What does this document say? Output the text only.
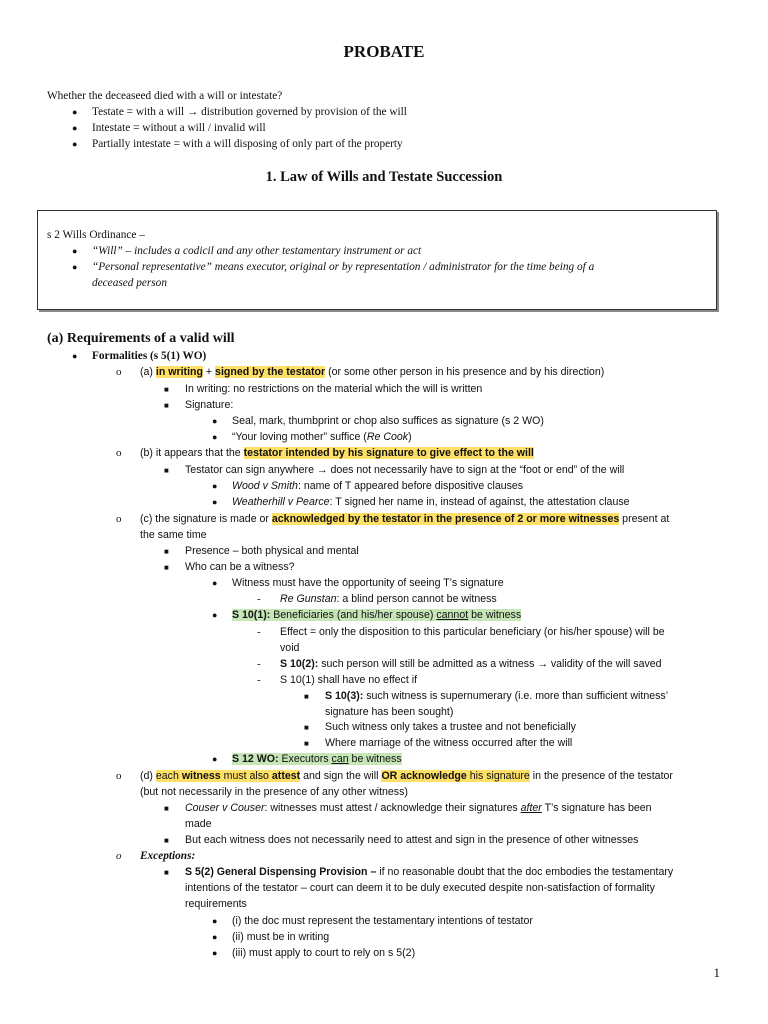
PROBATE
Whether the deceaseed died with a will or intestate?
● Testate = with a will → distribution governed by provision of the will
● Intestate = without a will / invalid will
● Partially intestate = with a will disposing of only part of the property
1. Law of Wills and Testate Succession
s 2 Wills Ordinance –
● “Will” – includes a codicil and any other testamentary instrument or act
● “Personal representative” means executor, original or by representation / administrator for the time being of a
deceased person
(a) Requirements of a valid will
● Formalities (s 5(1) WO)
o (a) in writing + signed by the testator (or some other person in his presence and by his direction)
■ In writing: no restrictions on the material which the will is written
■ Signature:
● Seal, mark, thumbprint or chop also suffices as signature (s 2 WO)
● “Your loving mother” suffice (Re Cook)
o (b) it appears that the testator intended by his signature to give effect to the will
■ Testator can sign anywhere → does not necessarily have to sign at the “foot or end” of the will
● Wood v Smith: name of T appeared before dispositive clauses
● Weatherhill v Pearce: T signed her name in, instead of against, the attestation clause
o (c) the signature is made or acknowledged by the testator in the presence of 2 or more witnesses present at
the same time
■ Presence – both physical and mental
■ Who can be a witness?
● Witness must have the opportunity of seeing T’s signature
- Re Gunstan: a blind person cannot be witness
● S 10(1): Beneficiaries (and his/her spouse) cannot be witness
- Effect = only the disposition to this particular beneficiary (or his/her spouse) will be
void
- S 10(2): such person will still be admitted as a witness → validity of the will saved
- S 10(1) shall have no effect if
■ S 10(3): such witness is supernumerary (i.e. more than sufficient witness’
signature has been sought)
■ Such witness only takes a trustee and not beneficially
■ Where marriage of the witness occurred after the will
● S 12 WO: Executors can be witness
o (d) each witness must also attest and sign the will OR acknowledge his signature in the presence of the testator
(but not necessarily in the presence of any other witness)
■ Couser v Couser: witnesses must attest / acknowledge their signatures after T’s signature has been
made
■ But each witness does not necessarily need to attest and sign in the presence of other witnesses
o Exceptions:
■ S 5(2) General Dispensing Provision – if no reasonable doubt that the doc embodies the testamentary
intentions of the testator – court can deem it to be duly executed despite non-satisfaction of formality
requirements
● (i) the doc must represent the testamentary intentions of testator
● (ii) must be in writing
● (iii) must apply to court to rely on s 5(2)
1
